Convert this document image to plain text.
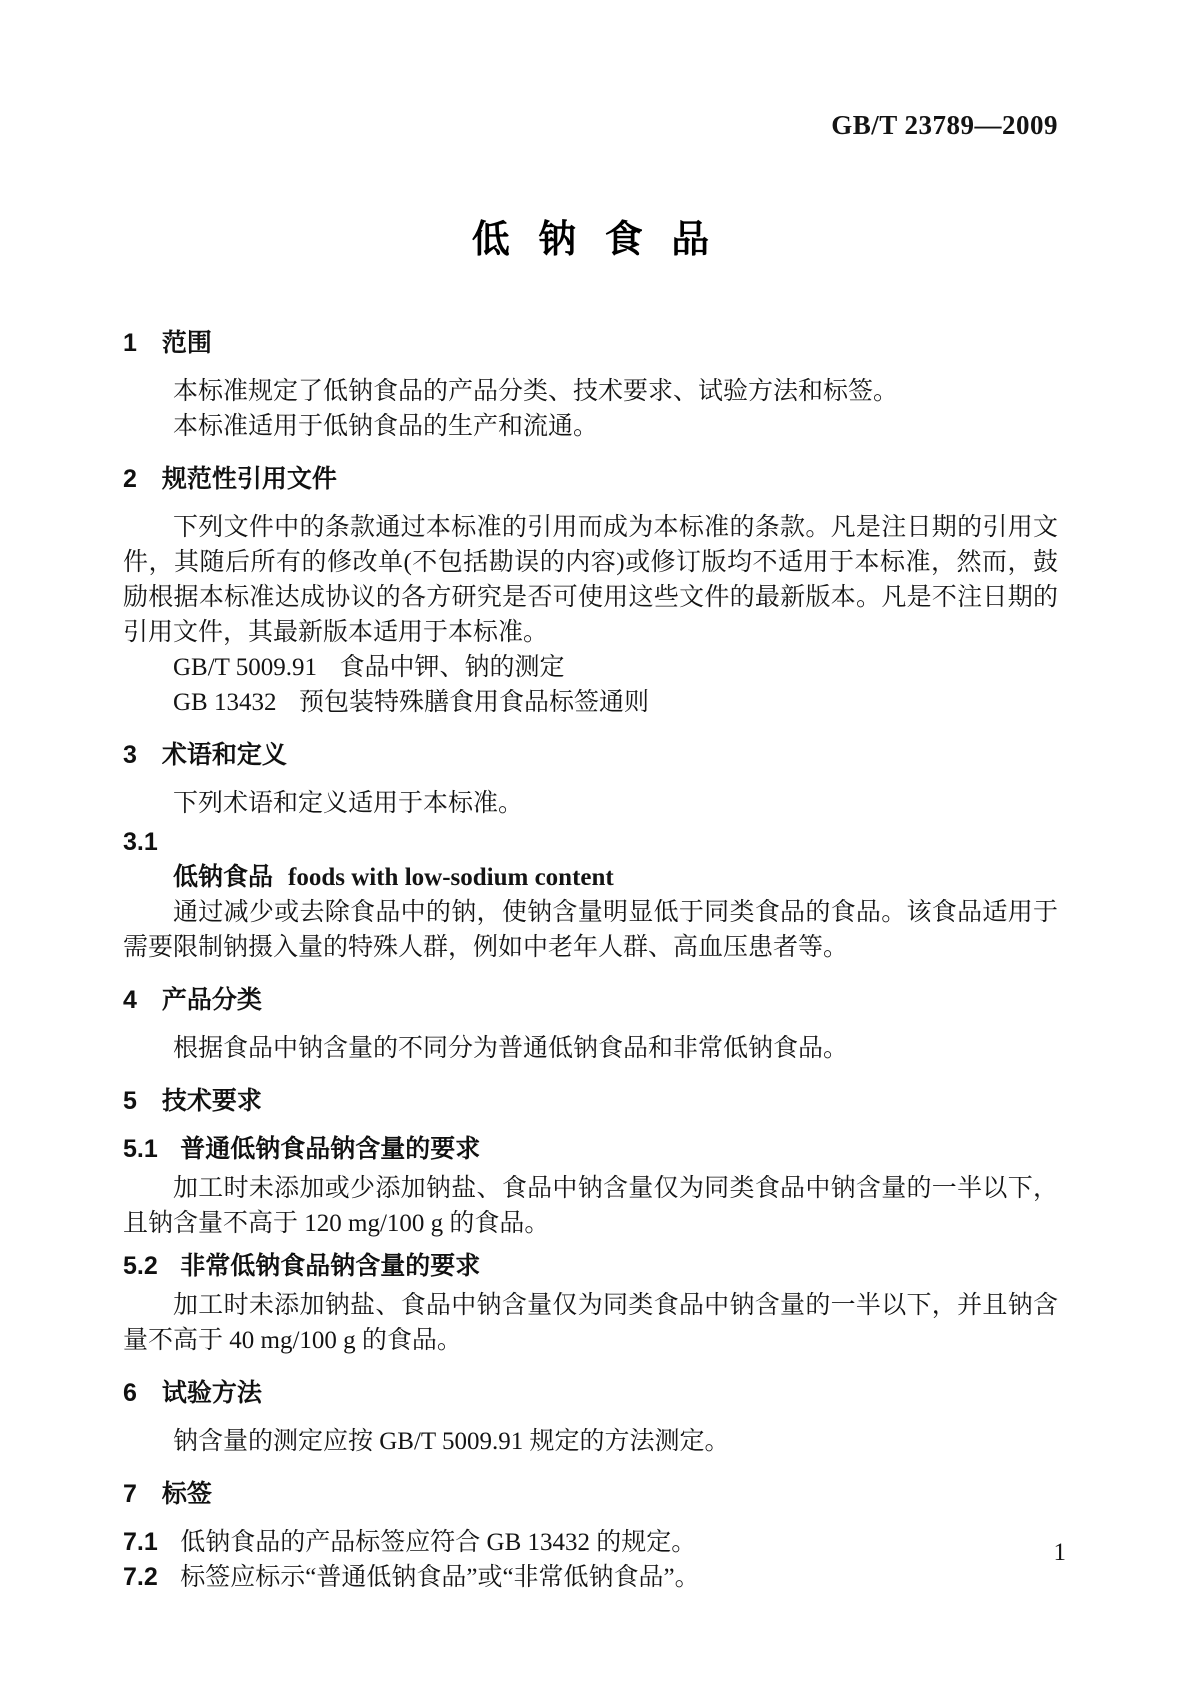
GB/T 23789—2009
低钠食品
1 范围

本标准规定了低钠食品的产品分类、技术要求、试验方法和标签。

本标准适用于低钠食品的生产和流通。

2 规范性引用文件

下列文件中的条款通过本标准的引用而成为本标准的条款。凡是注日期的引用文件，其随后所有的修改单(不包括勘误的内容)或修订版均不适用于本标准，然而，鼓励根据本标准达成协议的各方研究是否可使用这些文件的最新版本。凡是不注日期的引用文件，其最新版本适用于本标准。

GB/T 5009.91 食品中钾、钠的测定

GB 13432 预包装特殊膳食用食品标签通则

3 术语和定义

下列术语和定义适用于本标准。

3.1

低钠食品 foods with low-sodium content

通过减少或去除食品中的钠，使钠含量明显低于同类食品的食品。该食品适用于需要限制钠摄入量的特殊人群，例如中老年人群、高血压患者等。

4 产品分类

根据食品中钠含量的不同分为普通低钠食品和非常低钠食品。

5 技术要求
5.1 普通低钠食品钠含量的要求

加工时未添加或少添加钠盐、食品中钠含量仅为同类食品中钠含量的一半以下，且钠含量不高于 120 mg/100 g 的食品。

5.2 非常低钠食品钠含量的要求

加工时未添加钠盐、食品中钠含量仅为同类食品中钠含量的一半以下，并且钠含量不高于 40 mg/100 g 的食品。

6 试验方法

钠含量的测定应按 GB/T 5009.91 规定的方法测定。

7 标签

7.1 低钠食品的产品标签应符合 GB 13432 的规定。

7.2 标签应标示“普通低钠食品”或“非常低钠食品”。

1
